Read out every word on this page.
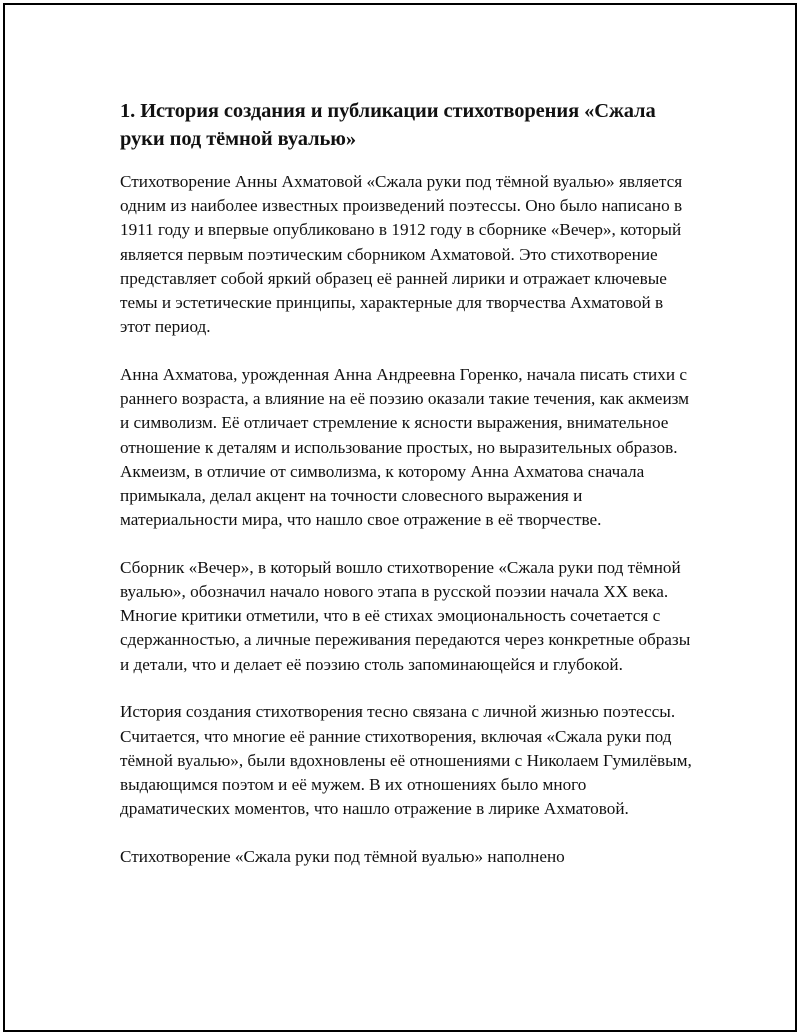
1. История создания и публикации стихотворения «Сжала руки под тёмной вуалью»

Стихотворение Анны Ахматовой «Сжала руки под тёмной вуалью» является одним из наиболее известных произведений поэтессы. Оно было написано в 1911 году и впервые опубликовано в 1912 году в сборнике «Вечер», который является первым поэтическим сборником Ахматовой. Это стихотворение представляет собой яркий образец её ранней лирики и отражает ключевые темы и эстетические принципы, характерные для творчества Ахматовой в этот период.

Анна Ахматова, урожденная Анна Андреевна Горенко, начала писать стихи с раннего возраста, а влияние на её поэзию оказали такие течения, как акмеизм и символизм. Её отличает стремление к ясности выражения, внимательное отношение к деталям и использование простых, но выразительных образов. Акмеизм, в отличие от символизма, к которому Анна Ахматова сначала примыкала, делал акцент на точности словесного выражения и материальности мира, что нашло свое отражение в её творчестве.

Сборник «Вечер», в который вошло стихотворение «Сжала руки под тёмной вуалью», обозначил начало нового этапа в русской поэзии начала XX века. Многие критики отметили, что в её стихах эмоциональность сочетается с сдержанностью, а личные переживания передаются через конкретные образы и детали, что и делает её поэзию столь запоминающейся и глубокой.

История создания стихотворения тесно связана с личной жизнью поэтессы. Считается, что многие её ранние стихотворения, включая «Сжала руки под тёмной вуалью», были вдохновлены её отношениями с Николаем Гумилёвым, выдающимся поэтом и её мужем. В их отношениях было много драматических моментов, что нашло отражение в лирике Ахматовой.

Стихотворение «Сжала руки под тёмной вуалью» наполнено
